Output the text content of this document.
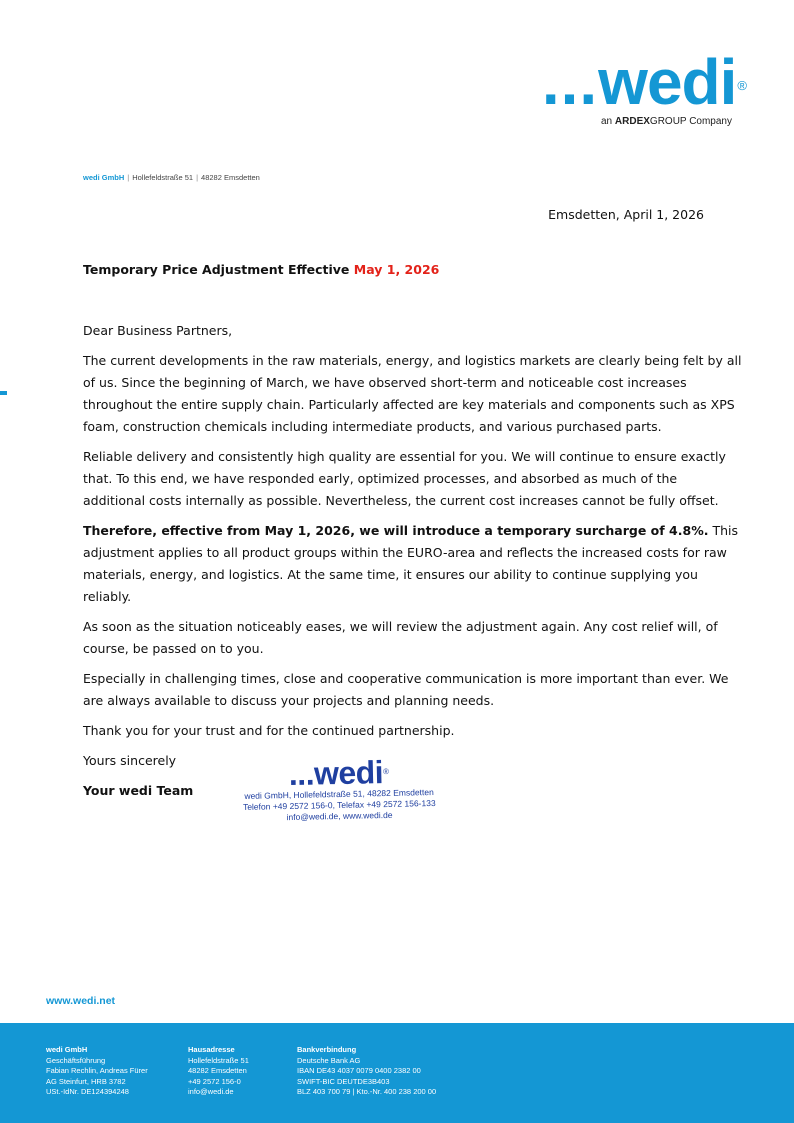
...wedi®
an ARDEXGROUP Company
wedi GmbH | Hollefeldstraße 51 | 48282 Emsdetten
Emsdetten, April 1, 2026
Temporary Price Adjustment Effective May 1, 2026

Dear Business Partners,

The current developments in the raw materials, energy, and logistics markets are clearly being felt by all of us. Since the beginning of March, we have observed short-term and noticeable cost increases throughout the entire supply chain. Particularly affected are key materials and components such as XPS foam, construction chemicals including intermediate products, and various purchased parts.

Reliable delivery and consistently high quality are essential for you. We will continue to ensure exactly that. To this end, we have responded early, optimized processes, and absorbed as much of the additional costs internally as possible. Nevertheless, the current cost increases cannot be fully offset.

Therefore, effective from May 1, 2026, we will introduce a temporary surcharge of 4.8%. This adjustment applies to all product groups within the EURO-area and reflects the increased costs for raw materials, energy, and logistics. At the same time, it ensures our ability to continue supplying you reliably.

As soon as the situation noticeably eases, we will review the adjustment again. Any cost relief will, of course, be passed on to you.

Especially in challenging times, close and cooperative communication is more important than ever. We are always available to discuss your projects and planning needs.

Thank you for your trust and for the continued partnership.

Yours sincerely

Your wedi Team	...wedi®
wedi GmbH, Hollefeldstraße 51, 48282 Emsdetten
Telefon +49 2572 156-0, Telefax +49 2572 156-133
info@wedi.de, www.wedi.de
www.wedi.net
wedi GmbH
Geschäftsführung
Fabian Rechlin, Andreas Fürer
AG Steinfurt, HRB 3782
USt.-IdNr. DE124394248
Hausadresse
Hollefeldstraße 51
48282 Emsdetten
+49 2572 156-0
info@wedi.de
Bankverbindung
Deutsche Bank AG
IBAN DE43 4037 0079 0400 2382 00
SWIFT-BIC DEUTDE3B403
BLZ 403 700 79 | Kto.-Nr. 400 238 200 00
